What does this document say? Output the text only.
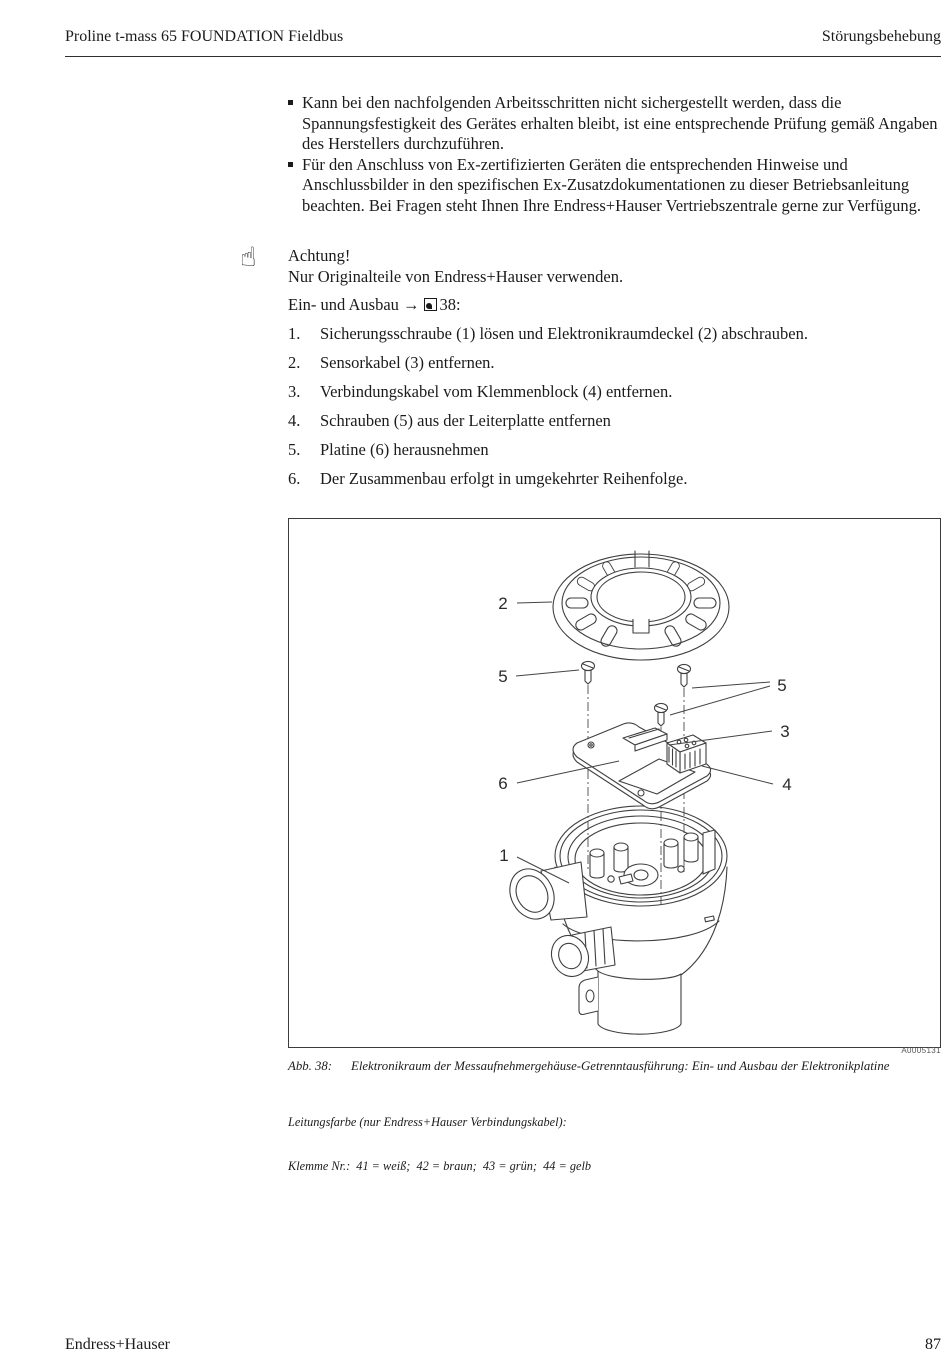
Proline t-mass 65 FOUNDATION Fieldbus	Störungsbehebung
Kann bei den nachfolgenden Arbeitsschritten nicht sichergestellt werden, dass die Spannungsfestigkeit des Gerätes erhalten bleibt, ist eine entsprechende Prüfung gemäß Angaben des Herstellers durchzuführen.
Für den Anschluss von Ex-zertifizierten Geräten die entsprechenden Hinweise und Anschlussbilder in den spezifischen Ex-Zusatzdokumentationen zu dieser Betriebsanleitung beachten. Bei Fragen steht Ihnen Ihre Endress+Hauser Vertriebszentrale gerne zur Verfügung.
☝	Achtung!
Nur Originalteile von Endress+Hauser verwenden.
Ein- und Ausbau → 38:
1.	Sicherungsschraube (1) lösen und Elektronikraumdeckel (2) abschrauben.
2.	Sensorkabel (3) entfernen.
3.	Verbindungskabel vom Klemmenblock (4) entfernen.
4.	Schrauben (5) aus der Leiterplatte entfernen
5.	Platine (6) herausnehmen
6.	Der Zusammenbau erfolgt in umgekehrter Reihenfolge.
2
5	5
3
6	4
1
A0005131
Abb. 38: Elektronikraum der Messaufnehmergehäuse-Getrenntausführung: Ein- und Ausbau der Elektronikplatine

Leitungsfarbe (nur Endress+Hauser Verbindungskabel):

Klemme Nr.:  41 = weiß;  42 = braun;  43 = grün;  44 = gelb

Endress+Hauser	87
